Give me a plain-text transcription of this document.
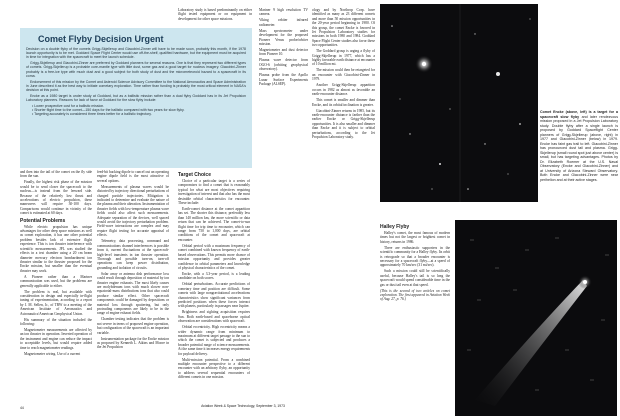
Laboratory study is based predominantly on either flight tested equipment or on equipment in development for other space missions.

Comet Flyby Decision Urgent

Decision on a double flyby of the comets Grigg-Skjellerup and Giacobini-Zinner will have to be made soon, probably this month, if the 1978 launch opportunity is to be met. Goddard Space Flight Center would use off-the-shelf, qualified hardware, but the equipment must be acquired in time for integration with the spacecraft to meet the launch schedule.

Grigg-Skjellerup and Giacobini-Zinner are preferred by Goddard planners for several reasons. One is that they represent two different types of comets. Grigg-Skjellerup is a probable core-mantle type with little dust, some gas and a good target for nucleus imagery. Giacobini-Zinner probably is a free-ice type with much dust and a good subject for both study of dust and the micrometeoroid hazard to a spacecraft in its coma.

Endorsement of this mission by the Comet and Asteroid Science Advisory Committee to the National Aeronautics and Space Administration in June described it as the best way to initiate cometary exploration. Time rather than funding is probably the most critical element in NASA's decision at this point.

Encke as a 1980 target is under study at Goddard, but as a ballistic mission rather than a dual flyby Goddard has in its Jet Propulsion Laboratory planners. Reasons for lack of favor at Goddard for the slow flyby include:

• Lower prospective cost for a ballistic mission.
• Shorter flight time to the comet—150 days for the ballistic compared with two years for slow flyby.
• Targeting accurately is considered three times better for a ballistic trajectory.

Mariner 9 high resolution TV camera.

Viking orbiter infrared radiometer.

Mass spectrometer under development for the proposed Pioneer Venus probe/orbiter mission.

Magnetometer and dust detector from Pioneer 10.

Plasma wave detector from OGO-6 (orbiting geophysical observatory).

Plasma probe from the Apollo Lunar Surface Experiments Package (ALSEP).

and then into the tail of the comet on the fly side from the sun.

Finally, the highest risk phase of the mission would be to send closer the spacecraft to the nucleus—is instead from the leeward side. Because of the relatively low thrust and accelerations of electric propulsion, these maneuvers will require 30-100 days. Comparisons would continue in vicinity of the comet is estimated at 60 days.

Potential Problems

While electric propulsion has unique advantages for other deep space missions as well as comet exploration, it has one other potential problem besides lack of extensive flight experience. This is ion thruster interference with scientific measurements. JPL was studied the effects in a test chamber using a 20 cm beam diameter mercury electron bombardment ion thruster similar to the thruster proposed for the Encke mission, but smaller than the eventual thruster may work.

A Pioneer rather than a Mariner communication was used, but the problems are generally applicable to either.

The problem is real, but available with consideration in design and especially in-flight tuning of experimentation, according to a report by J. M. Sellen, Jr., of TRW to a meeting of the American Institute of Aeronautics and Astronautics/American Geophysical Union.

His summary of the situation included the following:

Magnetometer measurements are affected by an ion thruster in operation. Inverted operation of the instrument and engine can reduce the impact to acceptable levels, but would require added time to reach magnetometer readings.

Magnetometer wiring. Use of a current

feed-bit backing dipole to cancel out an operating engine dipole field is the most attractive of several options.

Measurements of plasma waves would be distorted by trajectory directional perturbations of charged particle trajectories. Mitigation is indicated to determine and evaluate the nature of the plasma and their alteration. Instrumentation of thruster fields with low-temperature plasma wave fields could also affect such measurements. Adequate separation of the devices, well spaced would avoid the trajectory perturbation problem. Field-wave interactions are complex and may require flight testing for accurate appraisal of effects.

Telemetry, data processing, command and communications channel interferences is possible from it, current fluctuations at the spacecraft-high-level transients in ion thruster operation. Thorough and possible turn-on, turn-off operations can keep power distribution, grounding and isolation of circuits.

Solar array or antenna dish performance loss could result through deposition of material by ion thruster engine exhausts. The most likely causes are molybdenum ions with much slower non-equatorial-mass distributions ions that also could produce similar effect. Other spacecraft components could be damaged by depositions or material loss through sputtering, but only protruding components are likely to be in the range of engine exhaust fields.

Chamber testing indicates that the problem is not severe in terms of proposed engine operation, but configuration of the spacecraft is an important variable.

Instrumentation package for the Encke mission as proposed by Kenneth L. Atkins and Moore in the Jet Propulsion

Target Choice

Choice of a particular target is a series of compromises to find a comet that is reasonably typical for what are most objectives requiring investigation of interest and that also has the most desirable orbital characteristics for encounter. These include:

Earth-comet distance at the comet apparition has set. The shorter this distance, preferably less than 140 million km, the more scientific or data return that can be achieved. The comet-to-sun flight time for trip time to encounter, which can range from 750 to 1,000 days, are orbital conditions of the comet and spacecraft at encounter.

Orbital period with a maximum frequency of comet combined with known frequency of earth-based observations. This permits more chance of mission opportunity and provides greater confidence in orbital parameters and knowledge of physical characteristics of the comet.

Encke, with a 3.3-year period, is a leading candidate on both scores.

Orbital perturbations. Accurate predictions of cometary time and position are difficult. Some comets with large nongravitational accelerations characteristics show significant variances from predicted positions when these forces interact with planets, particularly in passages near Jupiter.

Brightness and sighting acquisition requires Sun. Both earth-based and spaceborne optical observation are considerations with spacecraft.

Orbital eccentricity. High eccentricity means a wider dynamic range from minimum to maximum at different target passage to the sun to which the comet is subjected and produces a broader potential range of science measurements. At the same time it increases energy requirements for payload delivery.

Multi-mission potential. From a combined multiple encounter perspective to a different encounter with an arbitrary flyby, an opportunity to address several sequential encounters of different comets in one mission.

44	Aviation Week & Space Technology, September 3, 1973

ology and by Northrop Corp. have identified as many as 23 different comets and more than 50 mission opportunities in the 20-year period beginning in 1980. Of this group, the comet Encke is favored in Jet Propulsion Laboratory studies for missions in both 1980 and 1984. Goddard Space Flight Center studies also favor these two opportunities.

The Goddard group is urging a flyby of Grigg-Skjellerup in 1977, which has a highly favorable earth distance at encounter of 10 million mi.

The mission could then be retargeted for an encounter with Giacobini-Zinner in 1979.

Another Grigg-Skjellerup apparition occurs in 1982 as almost as favorable an earth-encounter distance.

This comet is smaller and dimmer than Encke, and its orbital inclination is greater.

Giacobini-Zinner returns in 1985, but its earth-encounter distance is farther than the earlier Encke or Grigg-Skjellerup opportunities. It is also smaller and dimmer than Encke and it is subject to orbital perturbations, according to the Jet Propulsion Laboratory study.

Halley Flyby

Halley's comet, the most famous of modern times but not the largest or brightest comet in history, returns in 1986.

There are enthusiastic supporters in the scientific community for a Halley flyby. Its orbit is retrograde so that a broader encounter is necessary for a spacecraft flyby—at a speed of approximately 70 km/sec (31 mi/sec).

Such a mission could still be scientifically useful, because Halley's tail is so long the spacecraft would spend considerable time in the gas or dust tail even at that speed.

(This is the second of two articles on comet exploration. The first appeared in Aviation Week of Aug. 27, p. 76.)

Comet Encke (above, left) is a target for a spacecraft slow flyby and later rendezvous mission proposed in a Jet Propulsion Laboratory study. Double flyby after a single launch is proposed by Goddard Spaceflight Center planners of Grigg-Skjellerup (above, right) in 1977 and Giacobini-Zinner (below) in 1979. Encke has faint gas trail to left. Giacobini-Zinner has pronounced dust tail and plasma. Grigg-Skjellerup (small round spot just above center) is small, but has targeting advantages. Photos by Dr. Elizabeth Roemer at the U.S. Naval Observatory (Encke and Giacobini-Zinner) and at University of Arizona Steward Observatory. Both Encke and Giacobini-Zinner were near perihelion and at their active stages.
